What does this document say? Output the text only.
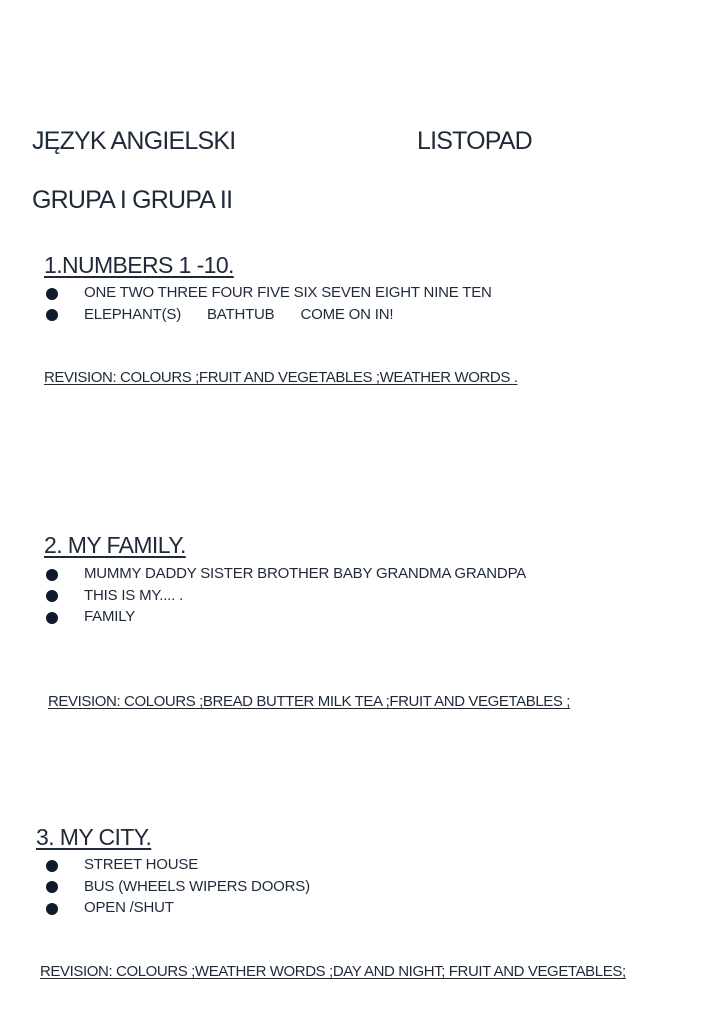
JĘZYK ANGIELSKI	LISTOPAD
GRUPA I GRUPA II
1.NUMBERS 1 -10.
ONE TWO THREE FOUR FIVE SIX SEVEN EIGHT NINE TEN
ELEPHANT(S) BATHTUB COME ON IN!
REVISION: COLOURS ;FRUIT AND VEGETABLES ;WEATHER WORDS .
2. MY FAMILY.
MUMMY DADDY SISTER BROTHER BABY GRANDMA GRANDPA
THIS IS MY.... .
FAMILY
REVISION: COLOURS ;BREAD BUTTER MILK TEA ;FRUIT AND VEGETABLES ;
3. MY CITY.
STREET HOUSE
BUS (WHEELS WIPERS DOORS)
OPEN /SHUT
REVISION: COLOURS ;WEATHER WORDS ;DAY AND NIGHT; FRUIT AND VEGETABLES;
